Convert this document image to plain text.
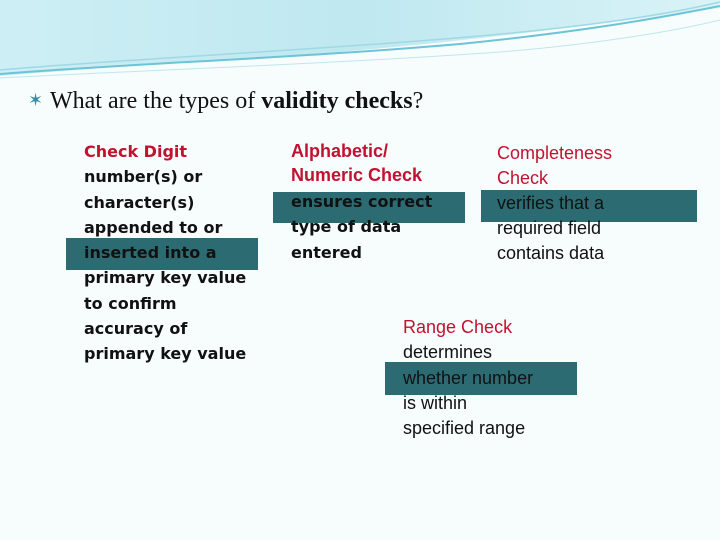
✶ What are the types of validity checks?
Check Digit
number(s) or
character(s)
appended to or
inserted into a
primary key value
to confirm
accuracy of
primary key value
Alphabetic/
Numeric Check
ensures correct
type of data
entered
Completeness
Check
verifies that a
required field
contains data
Range Check
determines
whether number
is within
specified range
